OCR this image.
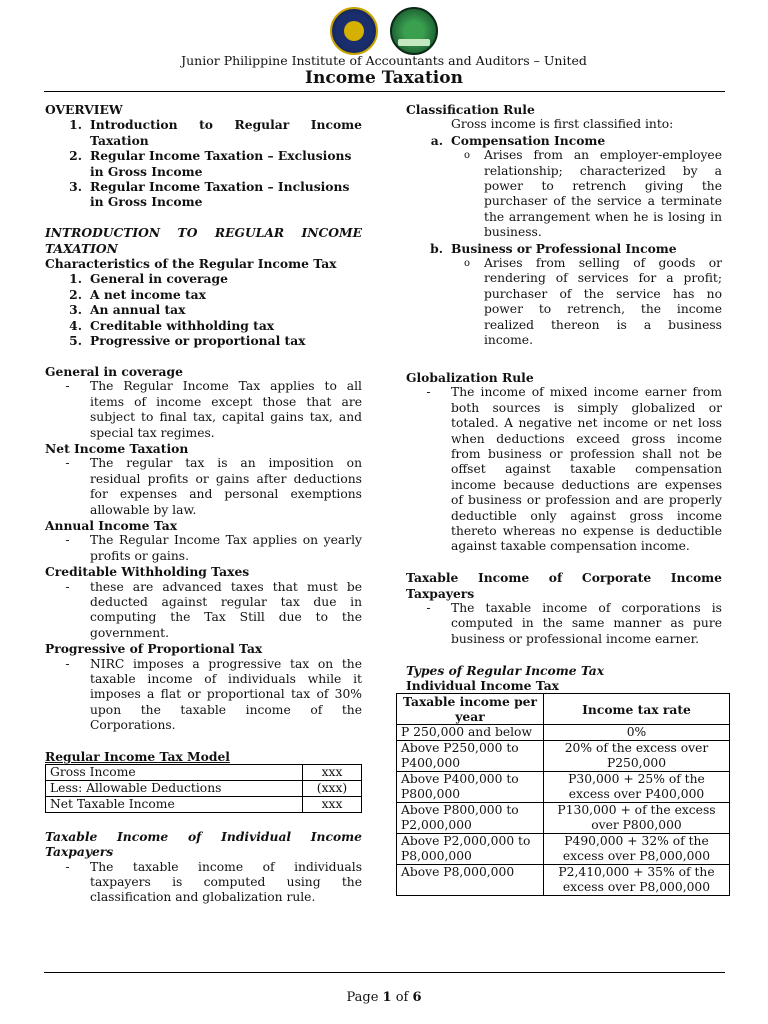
Junior Philippine Institute of Accountants and Auditors – United
Income Taxation
OVERVIEW
1. Introduction to Regular Income Taxation
2. Regular Income Taxation – Exclusions in Gross Income
3. Regular Income Taxation – Inclusions in Gross Income
INTRODUCTION TO REGULAR INCOME TAXATION
Characteristics of the Regular Income Tax
1. General in coverage
2. A net income tax
3. An annual tax
4. Creditable withholding tax
5. Progressive or proportional tax
General in coverage
-	The Regular Income Tax applies to all items of income except those that are subject to final tax, capital gains tax, and special tax regimes.
Net Income Taxation
-	The regular tax is an imposition on residual profits or gains after deductions for expenses and personal exemptions allowable by law.
Annual Income Tax
-	The Regular Income Tax applies on yearly profits or gains.
Creditable Withholding Taxes
-	these are advanced taxes that must be deducted against regular tax due in computing the Tax Still due to the government.
Progressive of Proportional Tax
-	NIRC imposes a progressive tax on the taxable income of individuals while it imposes a flat or proportional tax of 30% upon the taxable income of the Corporations.
Regular Income Tax Model
Gross Income	xxx
Less: Allowable Deductions	(xxx)
Net Taxable Income	xxx
Taxable Income of Individual Income Taxpayers
-	The taxable income of individuals taxpayers is computed using the classification and globalization rule.
Classification Rule
Gross income is first classified into:
a. Compensation Income
o	Arises from an employer-employee relationship; characterized by a power to retrench giving the purchaser of the service a terminate the arrangement when he is losing in business.
b. Business or Professional Income
o	Arises from selling of goods or rendering of services for a profit; purchaser of the service has no power to retrench, the income realized thereon is a business income.
Globalization Rule
-	The income of mixed income earner from both sources is simply globalized or totaled. A negative net income or net loss when deductions exceed gross income from business or profession shall not be offset against taxable compensation income because deductions are expenses of business or profession and are properly deductible only against gross income thereto whereas no expense is deductible against taxable compensation income.
Taxable Income of Corporate Income Taxpayers
-	The taxable income of corporations is computed in the same manner as pure business or professional income earner.
Types of Regular Income Tax
Individual Income Tax
Taxable income per year	Income tax rate
P 250,000 and below	0%
Above P250,000 to P400,000	20% of the excess over P250,000
Above P400,000 to P800,000	P30,000 + 25% of the excess over P400,000
Above P800,000 to P2,000,000	P130,000 + of the excess over P800,000
Above P2,000,000 to P8,000,000	P490,000 + 32% of the excess over P8,000,000
Above P8,000,000	P2,410,000 + 35% of the excess over P8,000,000
Page 1 of 6
